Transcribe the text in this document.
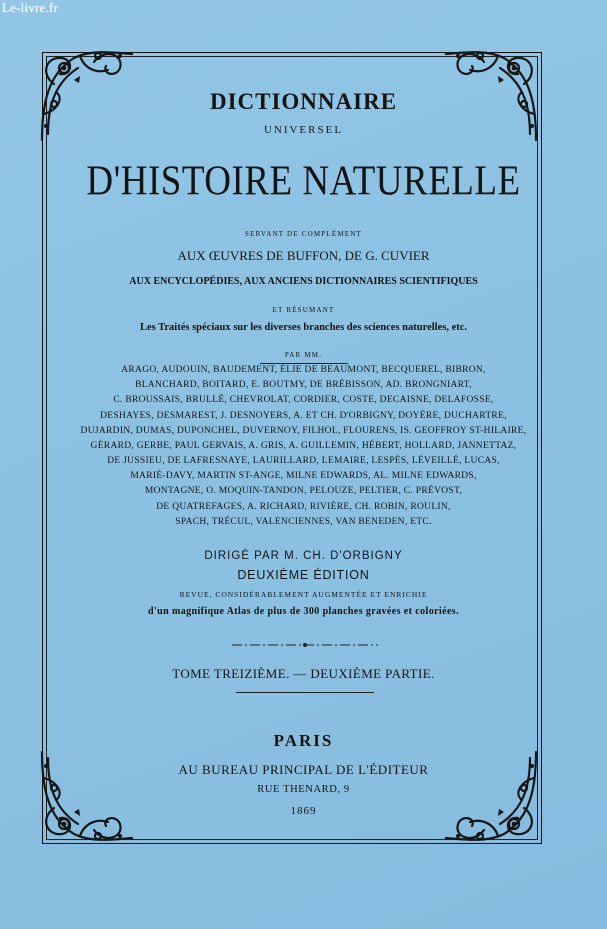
Le-livre.fr
DICTIONNAIRE
UNIVERSEL
D'HISTOIRE NATURELLE
SERVANT DE COMPLÉMENT
AUX ŒUVRES DE BUFFON, DE G. CUVIER
AUX ENCYCLOPÉDIES, AUX ANCIENS DICTIONNAIRES SCIENTIFIQUES
ET RÉSUMANT
Les Traités spéciaux sur les diverses branches des sciences naturelles, etc.
PAR MM.
ARAGO, AUDOUIN, BAUDEMENT, ÉLIE DE BEAUMONT, BECQUEREL, BIBRON,
BLANCHARD, BOITARD, E. BOUTMY, DE BRÉBISSON, AD. BRONGNIART,
C. BROUSSAIS, BRULLÉ, CHEVROLAT, CORDIER, COSTE, DECAISNE, DELAFOSSE,
DESHAYES, DESMAREST, J. DESNOYERS, A. ET CH. D'ORBIGNY, DOYÈRE, DUCHARTRE,
DUJARDIN, DUMAS, DUPONCHEL, DUVERNOY, FILHOL, FLOURENS, IS. GEOFFROY ST-HILAIRE,
GÉRARD, GERBE, PAUL GERVAIS, A. GRIS, A. GUILLEMIN, HÉBERT, HOLLARD, JANNETTAZ,
DE JUSSIEU, DE LAFRESNAYE, LAURILLARD, LEMAIRE, LESPÈS, LÉVEILLÉ, LUCAS,
MARIÉ-DAVY, MARTIN ST-ANGE, MILNE EDWARDS, AL. MILNE EDWARDS,
MONTAGNE, O. MOQUIN-TANDON, PELOUZE, PELTIER, C. PRÉVOST,
DE QUATREFAGES, A. RICHARD, RIVIÈRE, CH. ROBIN, ROULIN,
SPACH, TRÉCUL, VALENCIENNES, VAN BENEDEN, ETC.
DIRIGÉ PAR M. CH. D'ORBIGNY
DEUXIÈME ÉDITION
REVUE, CONSIDÉRABLEMENT AUGMENTÉE ET ENRICHIE
d'un magnifique Atlas de plus de 300 planches gravées et coloriées.
TOME TREIZIÈME. — DEUXIÈME PARTIE.
PARIS
AU BUREAU PRINCIPAL DE L'ÉDITEUR
RUE THENARD, 9
1869
